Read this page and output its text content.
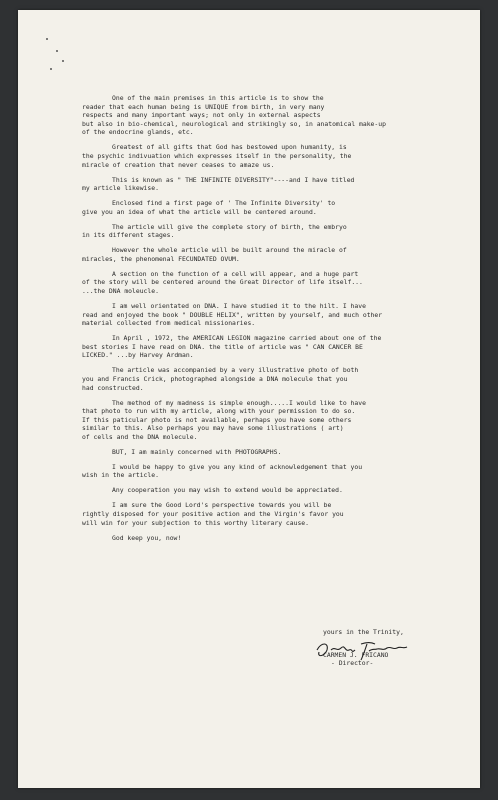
One of the main premises in this article is to show the
reader that each human being is UNIQUE from birth, in very many
respects and many important ways; not only in external aspects
but also in bio-chemical, neurological and strikingly so, in anatomical make-up
of the endocrine glands, etc.
Greatest of all gifts that God has bestowed upon humanity, is
the psychic indivuation which expresses itself in the personality, the
miracle of creation that never ceases to amaze us.
This is known as " THE INFINITE DIVERSITY"----and I have titled
my article likewise.
Enclosed find a first page of ' The Infinite Diversity' to
give you an idea of what the article will be centered around.
The article will give the complete story of birth, the embryo
in its different stages.
However the whole article will be built around the miracle of
miracles, the phenomenal FECUNDATED OVUM.
A section on the function of a cell will appear, and a huge part
of the story will be centered around the Great Director of life itself...
...the DNA moleucle.
I am well orientated on DNA. I have studied it to the hilt. I have
read and enjoyed the book " DOUBLE HELIX", written by yourself, and much other
material collected from medical missionaries.
In April , 1972, the AMERICAN LEGION magazine carried about one of the
best stories I have read on DNA. the title of article was " CAN CANCER BE
LICKED." ...by Harvey Ardman.
The article was accompanied by a very illustrative photo of both
you and Francis Crick, photographed alongside a DNA molecule that you
had constructed.
The method of my madness is simple enough.....I would like to have
that photo to run with my article, along with your permission to do so.
If this paticular photo is not available, perhaps you have some others
similar to this. Also perhaps you may have some illustrations ( art)
of cells and the DNA molecule.
BUT, I am mainly concerned with PHOTOGRAPHS.
I would be happy to give you any kind of acknowledgement that you
wish in the article.
Any cooperation you may wish to extend would be appreciated.
I am sure the Good Lord's perspective towards you will be
rightly disposed for your positive action and the Virgin's favor you
will win for your subjection to this worthy literary cause.
God keep you, now!
yours in the Trinity,
CARMEN J. FRICANO
- Director-
